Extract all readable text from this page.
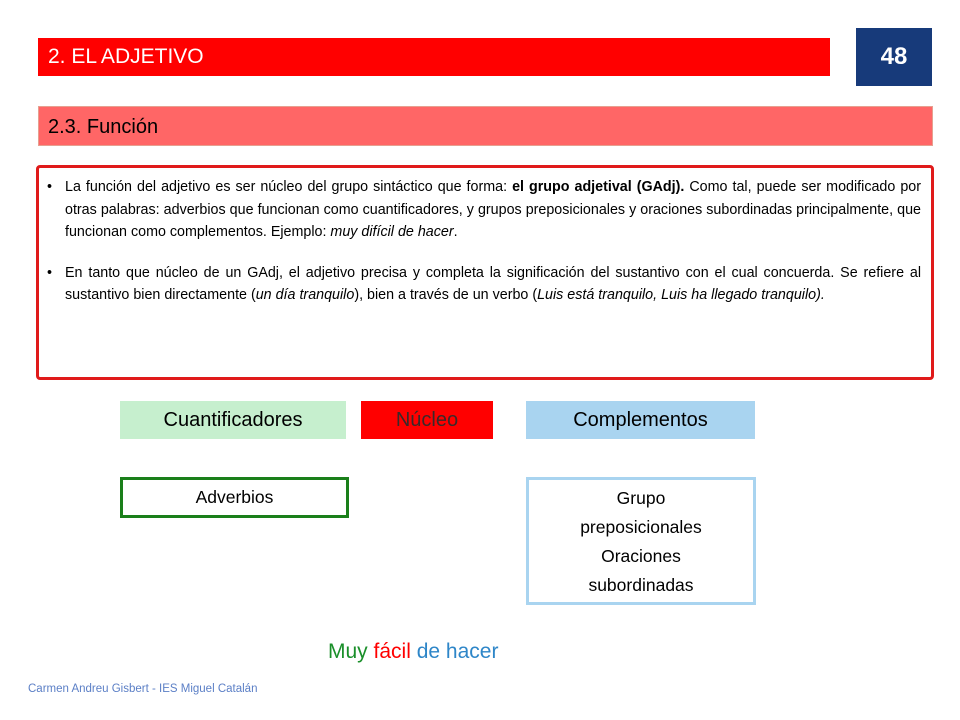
2. EL ADJETIVO	48
2.3. Función

• La función del adjetivo es ser núcleo del grupo sintáctico que forma: el grupo adjetival (GAdj). Como tal, puede ser modificado por otras palabras: adverbios que funcionan como cuantificadores, y grupos preposicionales y oraciones subordinadas principalmente, que funcionan como complementos. Ejemplo: muy difícil de hacer.

• En tanto que núcleo de un GAdj, el adjetivo precisa y completa la significación del sustantivo con el cual concuerda. Se refiere al sustantivo bien directamente (un día tranquilo), bien a través de un verbo (Luis está tranquilo, Luis ha llegado tranquilo).

Cuantificadores	Núcleo	Complementos
Adverbios	Grupo
preposicionales
Oraciones
subordinadas
Muy fácil de hacer
Carmen Andreu Gisbert - IES Miguel Catalán
